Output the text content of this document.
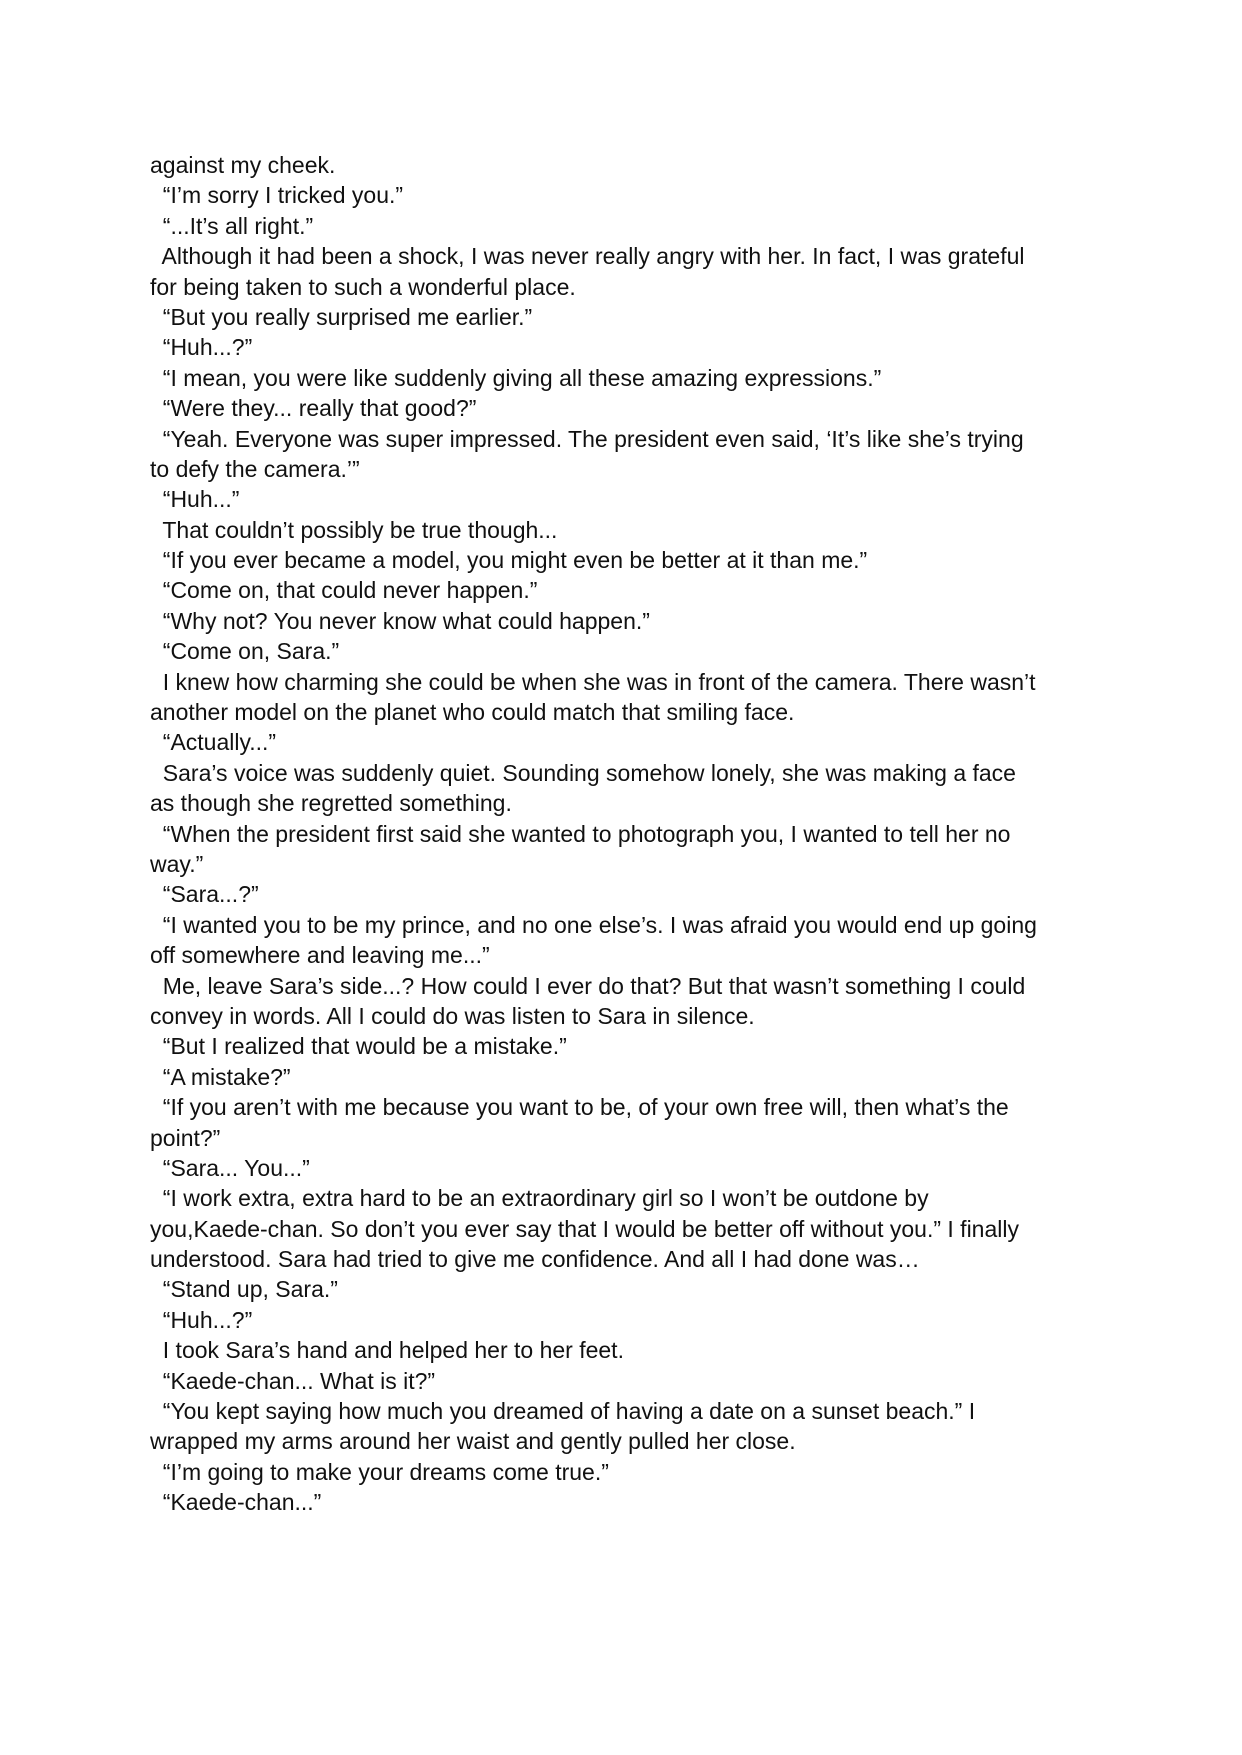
against my cheek.
“I’m sorry I tricked you.”
“...It’s all right.”
Although it had been a shock, I was never really angry with her. In fact, I was grateful
for being taken to such a wonderful place.
“But you really surprised me earlier.”
“Huh...?”
“I mean, you were like suddenly giving all these amazing expressions.”
“Were they... really that good?”
“Yeah. Everyone was super impressed. The president even said, ‘It’s like she’s trying
to defy the camera.’”
“Huh...”
That couldn’t possibly be true though...
“If you ever became a model, you might even be better at it than me.”
“Come on, that could never happen.”
“Why not? You never know what could happen.”
“Come on, Sara.”
I knew how charming she could be when she was in front of the camera. There wasn’t
another model on the planet who could match that smiling face.
“Actually...”
Sara’s voice was suddenly quiet. Sounding somehow lonely, she was making a face
as though she regretted something.
“When the president first said she wanted to photograph you, I wanted to tell her no
way.”
“Sara...?”
“I wanted you to be my prince, and no one else’s. I was afraid you would end up going
off somewhere and leaving me...”
Me, leave Sara’s side...? How could I ever do that? But that wasn’t something I could
convey in words. All I could do was listen to Sara in silence.
“But I realized that would be a mistake.”
“A mistake?”
“If you aren’t with me because you want to be, of your own free will, then what’s the
point?”
“Sara... You...”
“I work extra, extra hard to be an extraordinary girl so I won’t be outdone by
you,Kaede-chan. So don’t you ever say that I would be better off without you.” I finally
understood. Sara had tried to give me confidence. And all I had done was…
“Stand up, Sara.”
“Huh...?”
I took Sara’s hand and helped her to her feet.
“Kaede-chan... What is it?”
“You kept saying how much you dreamed of having a date on a sunset beach.” I
wrapped my arms around her waist and gently pulled her close.
“I’m going to make your dreams come true.”
“Kaede-chan...”
